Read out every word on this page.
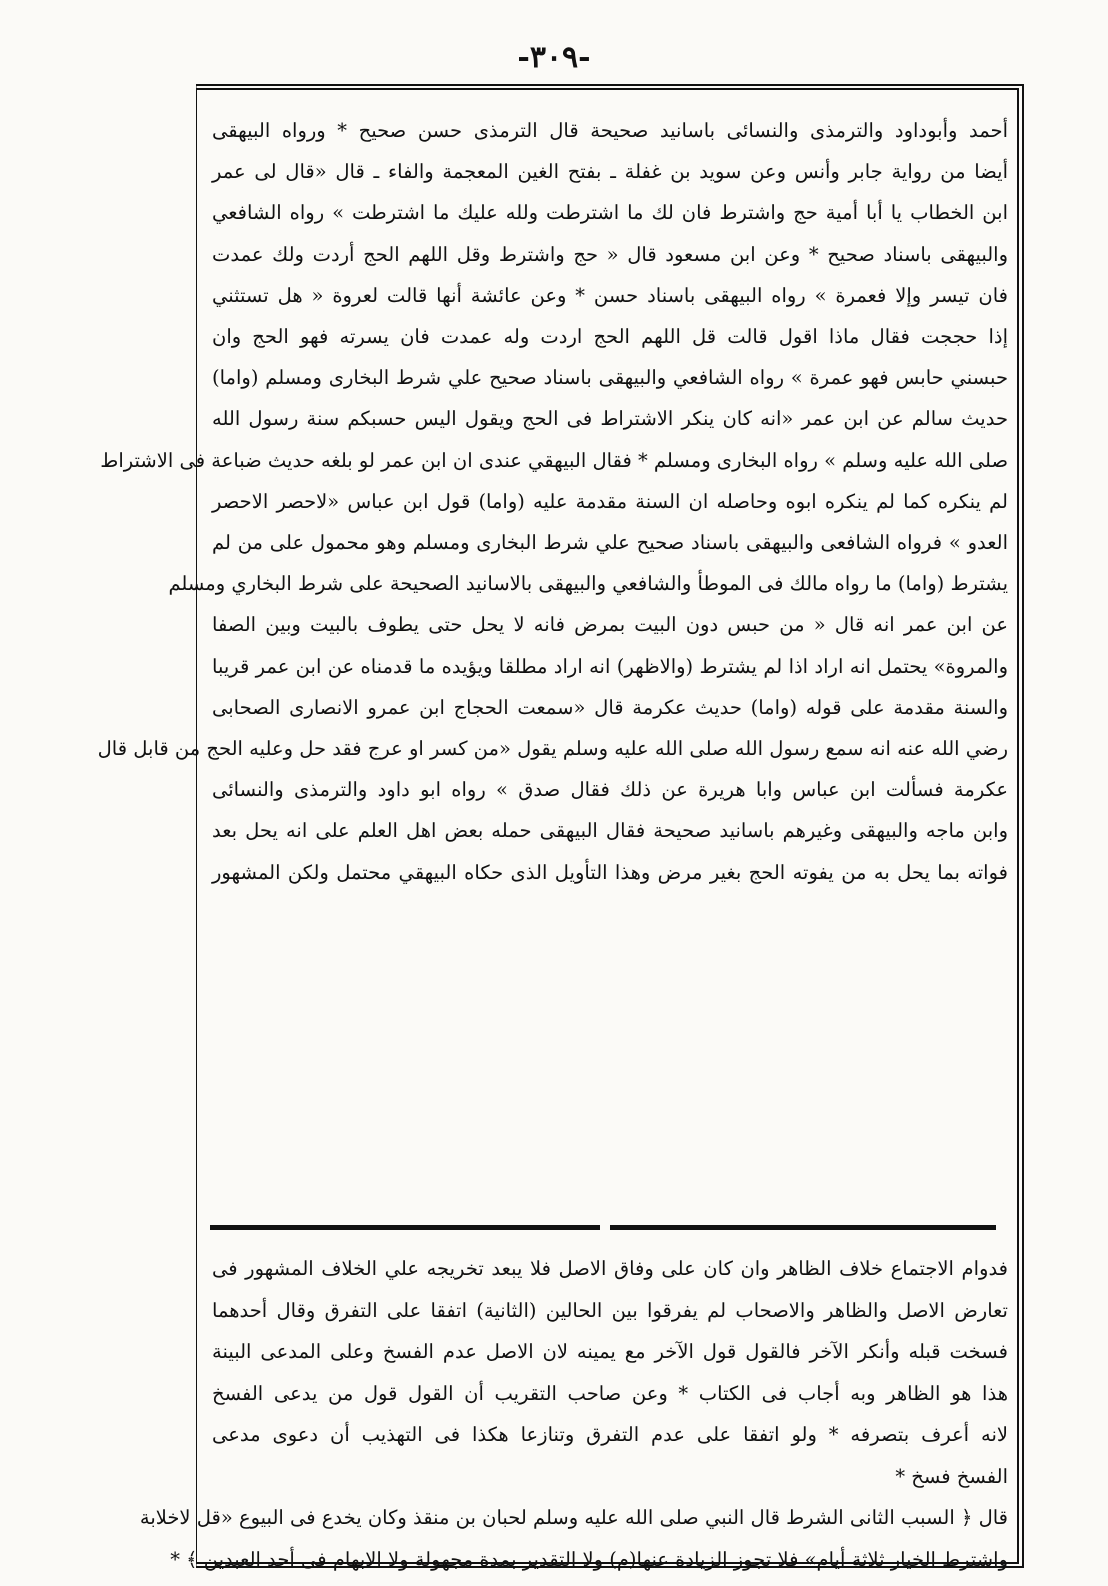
-٣٠٩-
أحمد وأبوداود والترمذى والنسائى باسانيد صحيحة قال الترمذى حسن صحيح * ورواه البيهقى
أيضا من رواية جابر وأنس وعن سويد بن غفلة ـ بفتح الغين المعجمة والفاء ـ قال «قال لى عمر
ابن الخطاب يا أبا أمية حج واشترط فان لك ما اشترطت ولله عليك ما اشترطت » رواه الشافعي
والبيهقى باسناد صحيح * وعن ابن مسعود قال « حج واشترط وقل اللهم الحج أردت ولك عمدت
فان تيسر وإلا فعمرة » رواه البيهقى باسناد حسن * وعن عائشة أنها قالت لعروة « هل تستثني
إذا حججت فقال ماذا اقول قالت قل اللهم الحج اردت وله عمدت فان يسرته فهو الحج وان
حبسني حابس فهو عمرة » رواه الشافعي والبيهقى باسناد صحيح علي شرط البخارى ومسلم (واما)
حديث سالم عن ابن عمر «انه كان ينكر الاشتراط فى الحج ويقول اليس حسبكم سنة رسول الله
صلى الله عليه وسلم » رواه البخارى ومسلم * فقال البيهقي عندى ان ابن عمر لو بلغه حديث ضباعة فى الاشتراط
لم ينكره كما لم ينكره ابوه وحاصله ان السنة مقدمة عليه (واما) قول ابن عباس «لاحصر الاحصر
العدو » فرواه الشافعى والبيهقى باسناد صحيح علي شرط البخارى ومسلم وهو محمول على من لم
يشترط (واما) ما رواه مالك فى الموطأ والشافعي والبيهقى بالاسانيد الصحيحة على شرط البخاري ومسلم
عن ابن عمر انه قال « من حبس دون البيت بمرض فانه لا يحل حتى يطوف بالبيت وبين الصفا
والمروة» يحتمل انه اراد اذا لم يشترط (والاظهر) انه اراد مطلقا ويؤيده ما قدمناه عن ابن عمر قريبا
والسنة مقدمة على قوله (واما) حديث عكرمة قال «سمعت الحجاج ابن عمرو الانصارى الصحابى
رضي الله عنه انه سمع رسول الله صلى الله عليه وسلم يقول «من كسر او عرج فقد حل وعليه الحج من قابل قال
عكرمة فسألت ابن عباس وابا هريرة عن ذلك فقال صدق » رواه ابو داود والترمذى والنسائى
وابن ماجه والبيهقى وغيرهم باسانيد صحيحة فقال البيهقى حمله بعض اهل العلم على انه يحل بعد
فواته بما يحل به من يفوته الحج بغير مرض وهذا التأويل الذى حكاه البيهقي محتمل ولكن المشهور
فدوام الاجتماع خلاف الظاهر وان كان على وفاق الاصل فلا يبعد تخريجه علي الخلاف المشهور فى
تعارض الاصل والظاهر والاصحاب لم يفرقوا بين الحالين (الثانية) اتفقا على التفرق وقال أحدهما
فسخت قبله وأنكر الآخر فالقول قول الآخر مع يمينه لان الاصل عدم الفسخ وعلى المدعى البينة
هذا هو الظاهر وبه أجاب فى الكتاب * وعن صاحب التقريب أن القول قول من يدعى الفسخ
لانه أعرف بتصرفه * ولو اتفقا على عدم التفرق وتنازعا هكذا فى التهذيب أن دعوى مدعى
الفسخ فسخ *
قال ﴿ السبب الثانى الشرط قال النبي صلى الله عليه وسلم لحبان بن منقذ وكان يخدع فى البيوع «قل لاخلابة
واشترط الخيار ثلاثة أيام» فلا تجوز الزيادة عنها(م) ولا التقدير بمدة مجهولة ولا الابهام فى أحد العبدين ﴾ *
